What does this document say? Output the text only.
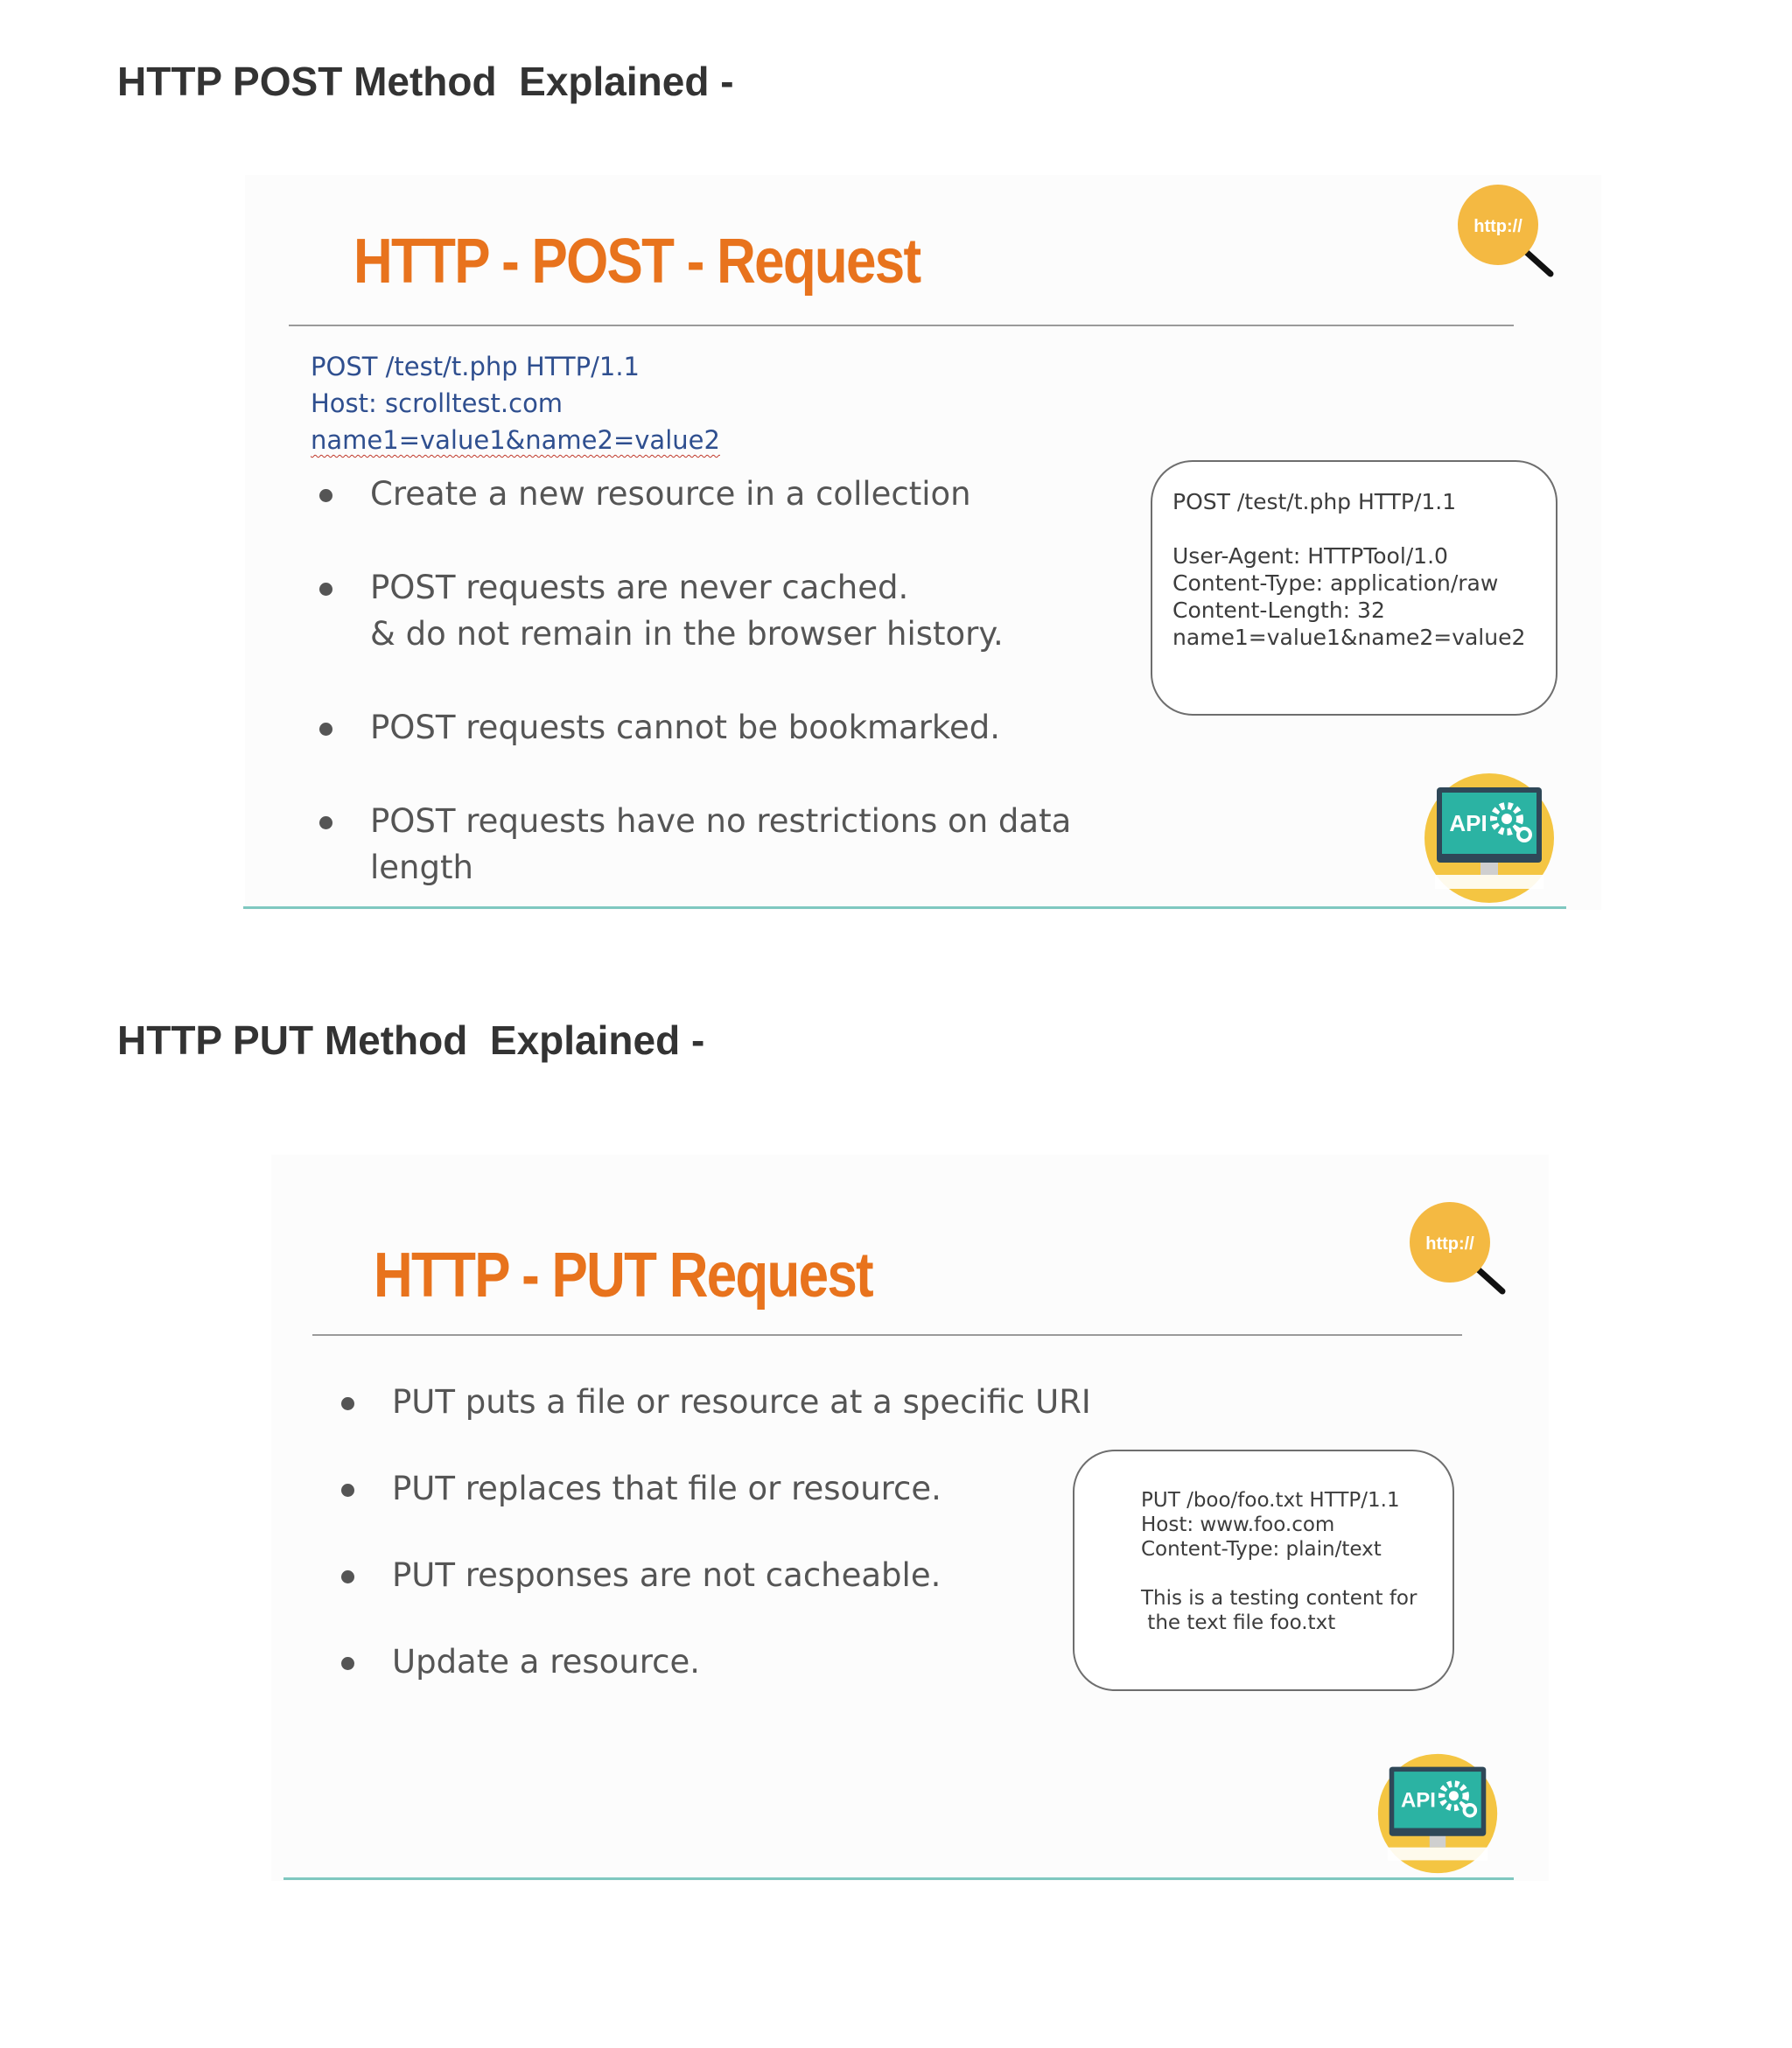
HTTP POST Method  Explained -
HTTP - POST - Request	http://

POST /test/t.php HTTP/1.1

Host: scrolltest.com

name1=value1&name2=value2

Create a new resource in a collection
POST requests are never cached.
& do not remain in the browser history.
POST requests cannot be bookmarked.
POST requests have no restrictions on data length
POST /test/t.php HTTP/1.1
User-Agent: HTTPTool/1.0
Content-Type: application/raw
Content-Length: 32
name1=value1&name2=value2
API
HTTP PUT Method  Explained -
HTTP - PUT Request	http://
PUT puts a file or resource at a specific URI
PUT replaces that file or resource.
PUT responses are not cacheable.
Update a resource.
PUT /boo/foo.txt HTTP/1.1
Host: www.foo.com
Content-Type: plain/text
This is a testing content for
the text file foo.txt
API
